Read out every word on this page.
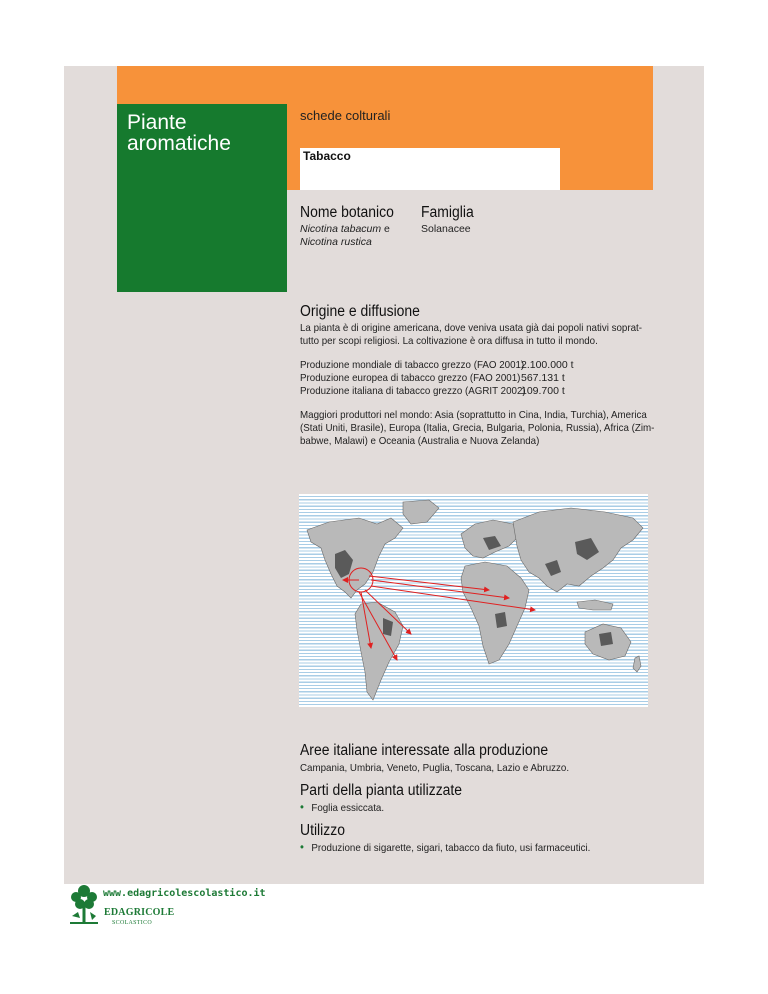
Piante
aromatiche
schede colturali
Tabacco
Nome botanico
Nicotina tabacum e
Nicotina rustica
Famiglia
Solanacee
Origine e diffusione
La pianta è di origine americana, dove veniva usata già dai popoli nativi soprat-
tutto per scopi religiosi. La coltivazione è ora diffusa in tutto il mondo.
Produzione mondiale di tabacco grezzo (FAO 2001)
Produzione europea di tabacco grezzo (FAO 2001)
Produzione italiana di tabacco grezzo (AGRIT 2002)
2.100.000 t
567.131 t
109.700 t
Maggiori produttori nel mondo: Asia (soprattutto in Cina, India, Turchia), America
(Stati Uniti, Brasile), Europa (Italia, Grecia, Bulgaria, Polonia, Russia), Africa (Zim-
babwe, Malawi) e Oceania (Australia e Nuova Zelanda)
Aree italiane interessate alla produzione
Campania, Umbria, Veneto, Puglia, Toscana, Lazio e Abruzzo.
Parti della pianta utilizzate
• Foglia essiccata.
Utilizzo
• Produzione di sigarette, sigari, tabacco da fiuto, usi farmaceutici.
www.edagricolescolastico.it
EDAGRICOLE
SCOLASTICO
